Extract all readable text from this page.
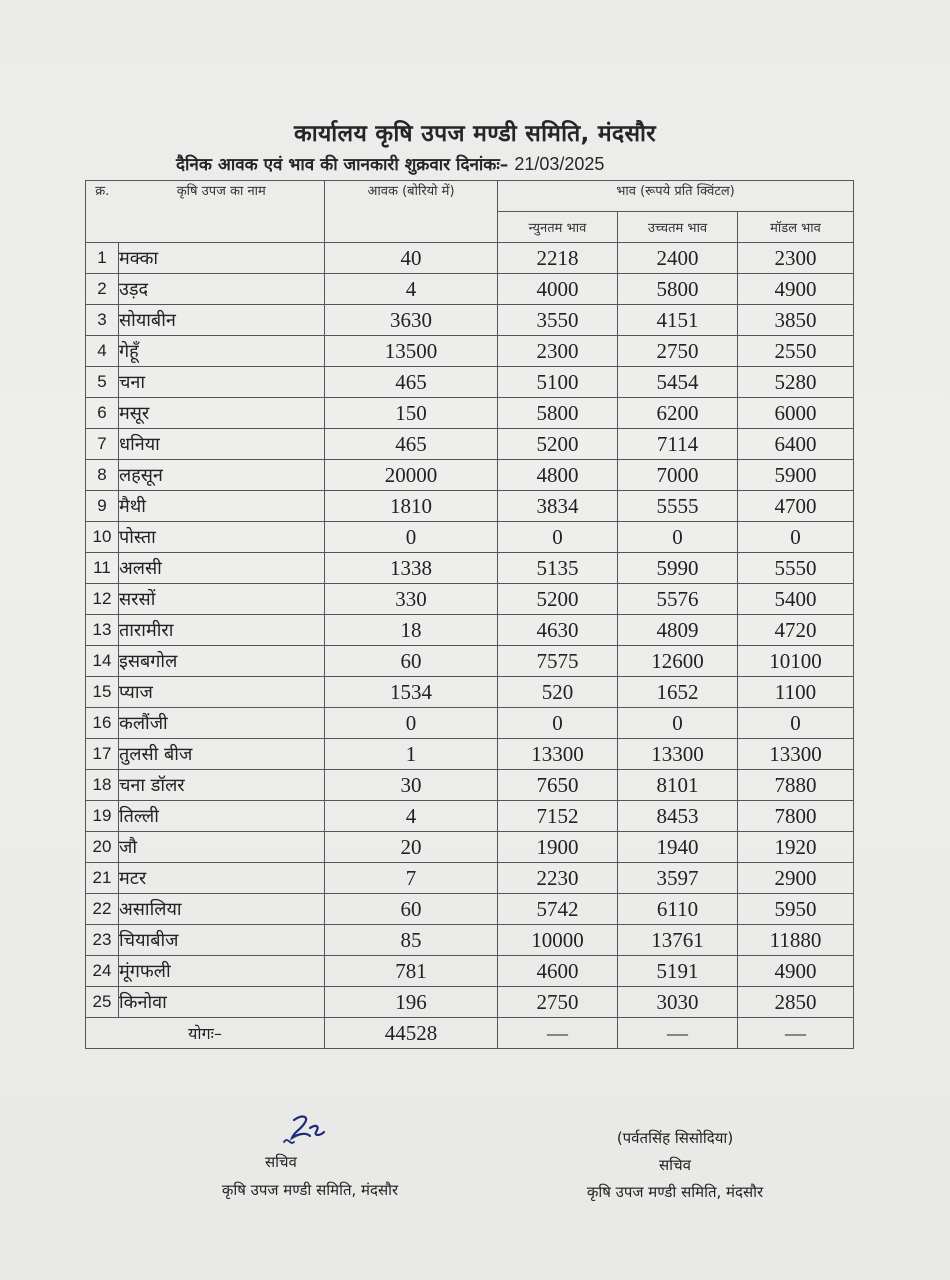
कार्यालय कृषि उपज मण्डी समिति, मंदसौर
दैनिक आवक एवं भाव की जानकारी शुक्रवार दिनांकः– 21/03/2025
क्र.	कृषि उपज का नाम	आवक (बोरियो में)	भाव (रूपये प्रति क्विंटल)		
			न्युनतम भाव	उच्चतम भाव	मॉडल भाव
1	मक्का	40	2218	2400	2300
2	उड़द	4	4000	5800	4900
3	सोयाबीन	3630	3550	4151	3850
4	गेहूँ	13500	2300	2750	2550
5	चना	465	5100	5454	5280
6	मसूर	150	5800	6200	6000
7	धनिया	465	5200	7114	6400
8	लहसून	20000	4800	7000	5900
9	मैथी	1810	3834	5555	4700
10	पोस्ता	0	0	0	0
11	अलसी	1338	5135	5990	5550
12	सरसों	330	5200	5576	5400
13	तारामीरा	18	4630	4809	4720
14	इसबगोल	60	7575	12600	10100
15	प्याज	1534	520	1652	1100
16	कलौंजी	0	0	0	0
17	तुलसी बीज	1	13300	13300	13300
18	चना डॉलर	30	7650	8101	7880
19	तिल्ली	4	7152	8453	7800
20	जौ	20	1900	1940	1920
21	मटर	7	2230	3597	2900
22	असालिया	60	5742	6110	5950
23	चियाबीज	85	10000	13761	11880
24	मूंगफली	781	4600	5191	4900
25	किनोवा	196	2750	3030	2850
योगः–		44528	—	—	—
सचिव
कृषि उपज मण्डी समिति, मंदसौर
(पर्वतसिंह सिसोदिया)
सचिव
कृषि उपज मण्डी समिति, मंदसौर
